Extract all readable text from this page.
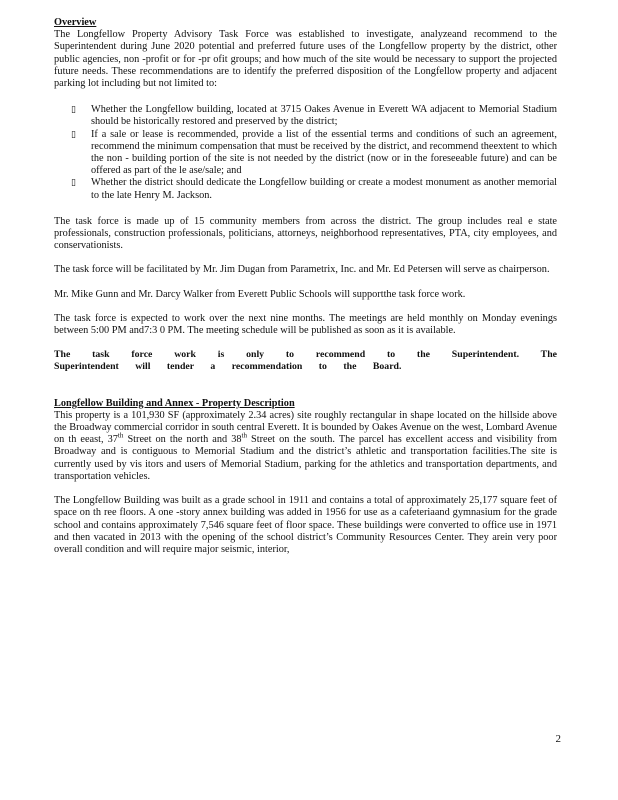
Overview

The Longfellow Property Advisory Task Force was established to investigate, analyzeand recommend to the Superintendent during June 2020 potential and preferred future uses of the Longfellow property by the district, other public agencies, non -profit or for -pr ofit groups; and how much of the site would be necessary to support the projected future needs. These recommendations are to identify the preferred disposition of the Longfellow property and adjacent parking lot including but not limited to:

▯ Whether the Longfellow building, located at 3715 Oakes Avenue in Everett WA adjacent to Memorial Stadium should be historically restored and preserved by the district;
▯ If a sale or lease is recommended, provide a list of the essential terms and conditions of such an agreement, recommend the minimum compensation that must be received by the district, and recommend theextent to which the non - building portion of the site is not needed by the district (now or in the foreseeable future) and can be offered as part of the le ase/sale; and
▯ Whether the district should dedicate the Longfellow building or create a modest monument as another memorial to the late Henry M. Jackson.

The task force is made up of 15 community members from across the district. The group includes real e state professionals, construction professionals, politicians, attorneys, neighborhood representatives, PTA, city employees, and conservationists.

The task force will be facilitated by Mr. Jim Dugan from Parametrix, Inc. and Mr. Ed Petersen will serve as chairperson.

Mr. Mike Gunn and Mr. Darcy Walker from Everett Public Schools will supportthe task force work.

The task force is expected to work over the next nine months. The meetings are held monthly on Monday evenings between 5:00 PM and7:3 0 PM. The meeting schedule will be published as soon as it is available.

The task force work is only to recommend to the Superintendent. The Superintendent will tender a recommendation to the Board.

Longfellow Building and Annex - Property Description

This property is a 101,930 SF (approximately 2.34 acres) site roughly rectangular in shape located on the hillside above the Broadway commercial corridor in south central Everett. It is bounded by Oakes Avenue on the west, Lombard Avenue on th eeast, 37th Street on the north and 38th Street on the south. The parcel has excellent access and visibility from Broadway and is contiguous to Memorial Stadium and the district’s athletic and transportation facilities.The site is currently used by vis itors and users of Memorial Stadium, parking for the athletics and transportation departments, and transportation vehicles.

The Longfellow Building was built as a grade school in 1911 and contains a total of approximately 25,177 square feet of space on th ree floors. A one -story annex building was added in 1956 for use as a cafeteriaand gymnasium for the grade school and contains approximately 7,546 square feet of floor space. These buildings were converted to office use in 1971 and then vacated in 2013 with the opening of the school district’s Community Resources Center. They arein very poor overall condition and will require major seismic, interior,

2
